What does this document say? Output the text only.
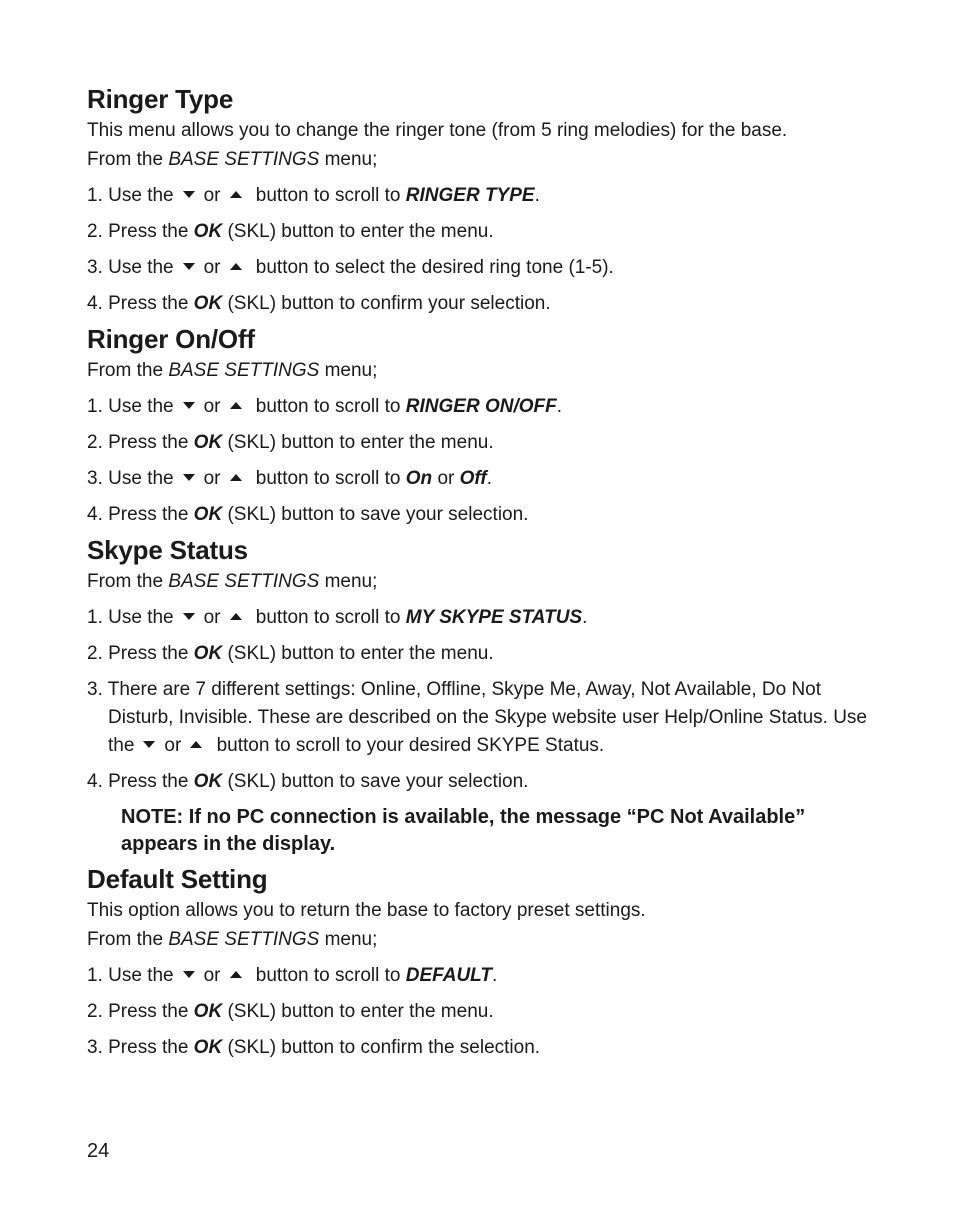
Ringer Type

This menu allows you to change the ringer tone (from 5 ring melodies) for the base.
From the BASE SETTINGS menu;

1. Use the or button to scroll to RINGER TYPE.

2. Press the OK (SKL) button to enter the menu.

3. Use the or button to select the desired ring tone (1-5).

4. Press the OK (SKL) button to confirm your selection.

Ringer On/Off

From the BASE SETTINGS menu;

1. Use the or button to scroll to RINGER ON/OFF.

2. Press the OK (SKL) button to enter the menu.

3. Use the or button to scroll to On or Off.

4. Press the OK (SKL) button to save your selection.

Skype Status

From the BASE SETTINGS menu;

1. Use the or button to scroll to MY SKYPE STATUS.

2. Press the OK (SKL) button to enter the menu.

3. There are 7 different settings: Online, Offline, Skype Me, Away, Not Available, Do Not Disturb, Invisible. These are described on the Skype website user Help/Online Status. Use the or button to scroll to your desired SKYPE Status.

4. Press the OK (SKL) button to save your selection.

NOTE: If no PC connection is available, the message “PC Not Available” appears in the display.

Default Setting

This option allows you to return the base to factory preset settings.
From the BASE SETTINGS menu;

1. Use the or button to scroll to DEFAULT.

2. Press the OK (SKL) button to enter the menu.

3. Press the OK (SKL) button to confirm the selection.

24
